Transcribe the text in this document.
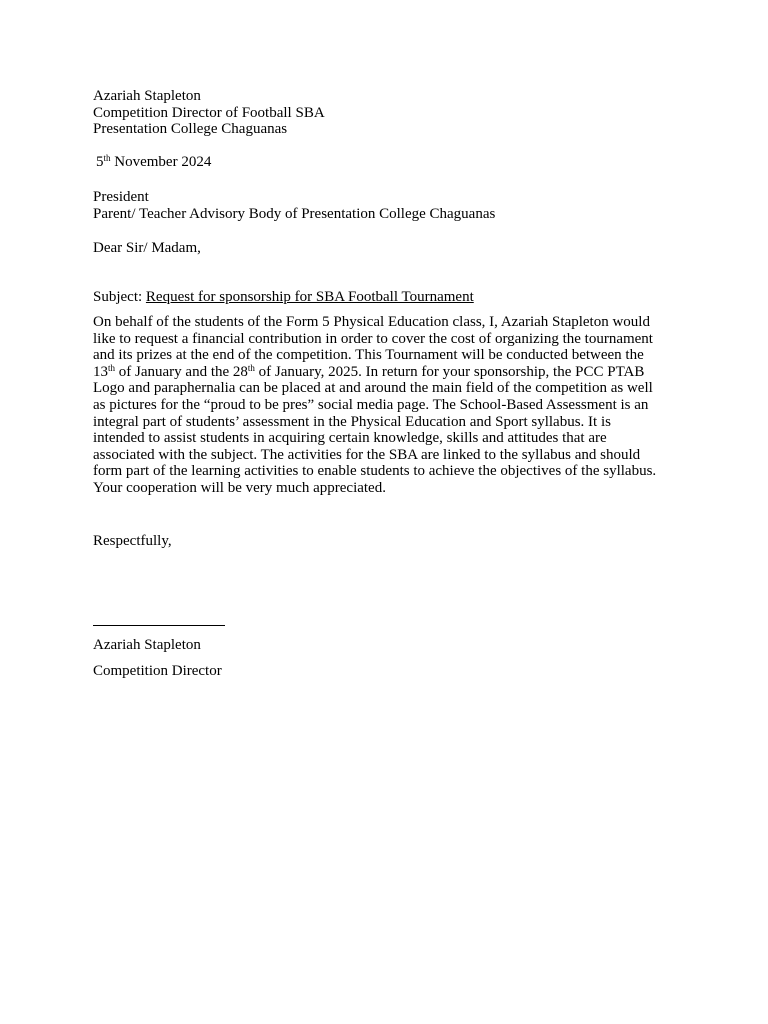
Azariah Stapleton
Competition Director of Football SBA
Presentation College Chaguanas
5th November 2024
President
Parent/ Teacher Advisory Body of Presentation College Chaguanas
Dear Sir/ Madam,
Subject: Request for sponsorship for SBA Football Tournament
On behalf of the students of the Form 5 Physical Education class, I, Azariah Stapleton would
like to request a financial contribution in order to cover the cost of organizing the tournament
and its prizes at the end of the competition. This Tournament will be conducted between the
13th of January and the 28th of January, 2025. In return for your sponsorship, the PCC PTAB
Logo and paraphernalia can be placed at and around the main field of the competition as well
as pictures for the “proud to be pres” social media page. The School-Based Assessment is an
integral part of students’ assessment in the Physical Education and Sport syllabus. It is
intended to assist students in acquiring certain knowledge, skills and attitudes that are
associated with the subject. The activities for the SBA are linked to the syllabus and should
form part of the learning activities to enable students to achieve the objectives of the syllabus.
Your cooperation will be very much appreciated.
Respectfully,
Azariah Stapleton
Competition Director
